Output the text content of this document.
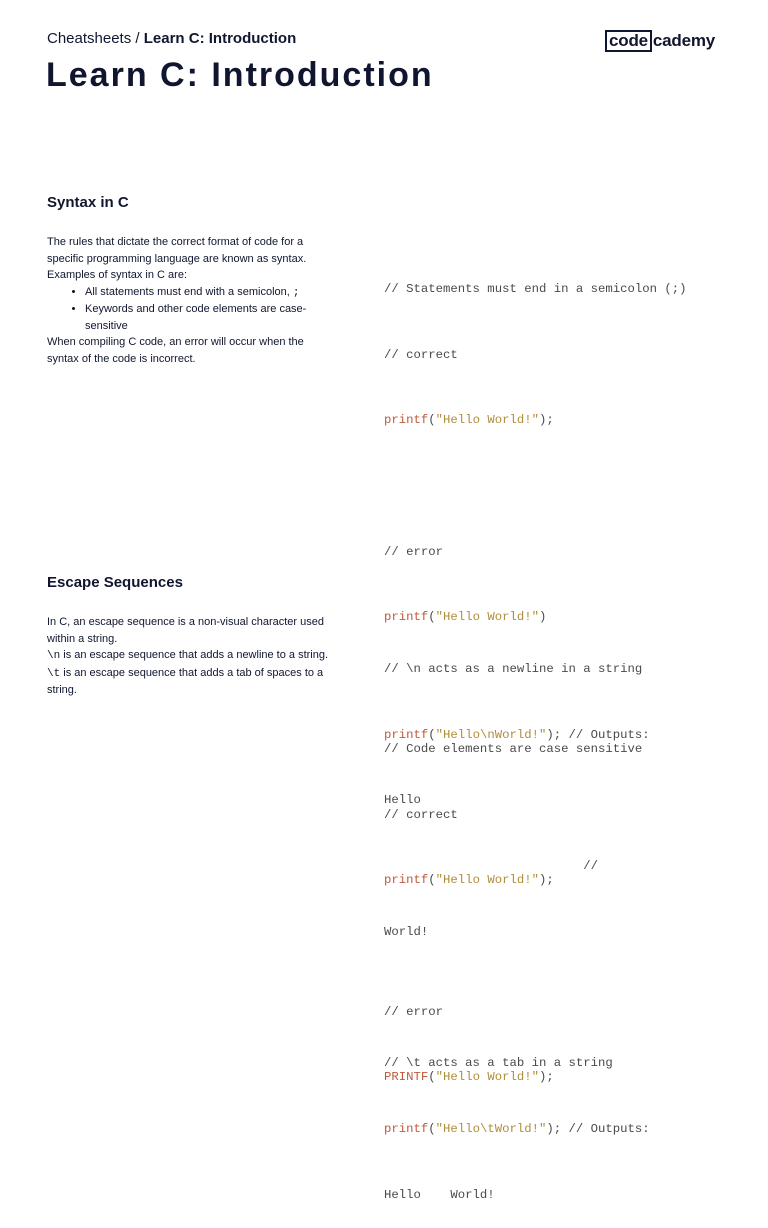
Cheatsheets / Learn C: Introduction	code cademy
Learn C: Introduction
Syntax in C

The rules that dictate the correct format of code for a specific programming language are known as syntax. Examples of syntax in C are:

• All statements must end with a semicolon, ;
• Keywords and other code elements are case-sensitive

When compiling C code, an error will occur when the syntax of the code is incorrect.

// Statements must end in a semicolon (;)

// correct

printf("Hello World!");

// error

printf("Hello World!")

// Code elements are case sensitive

// correct

printf("Hello World!");

// error

PRINTF("Hello World!");

Escape Sequences

In C, an escape sequence is a non-visual character used within a string.

\n is an escape sequence that adds a newline to a string. \t is an escape sequence that adds a tab of spaces to a string.

// \n acts as a newline in a string

printf("Hello\nWorld!"); // Outputs:

Hello

//

World!

// \t acts as a tab in a string

printf("Hello\tWorld!"); // Outputs:

Hello    World!
